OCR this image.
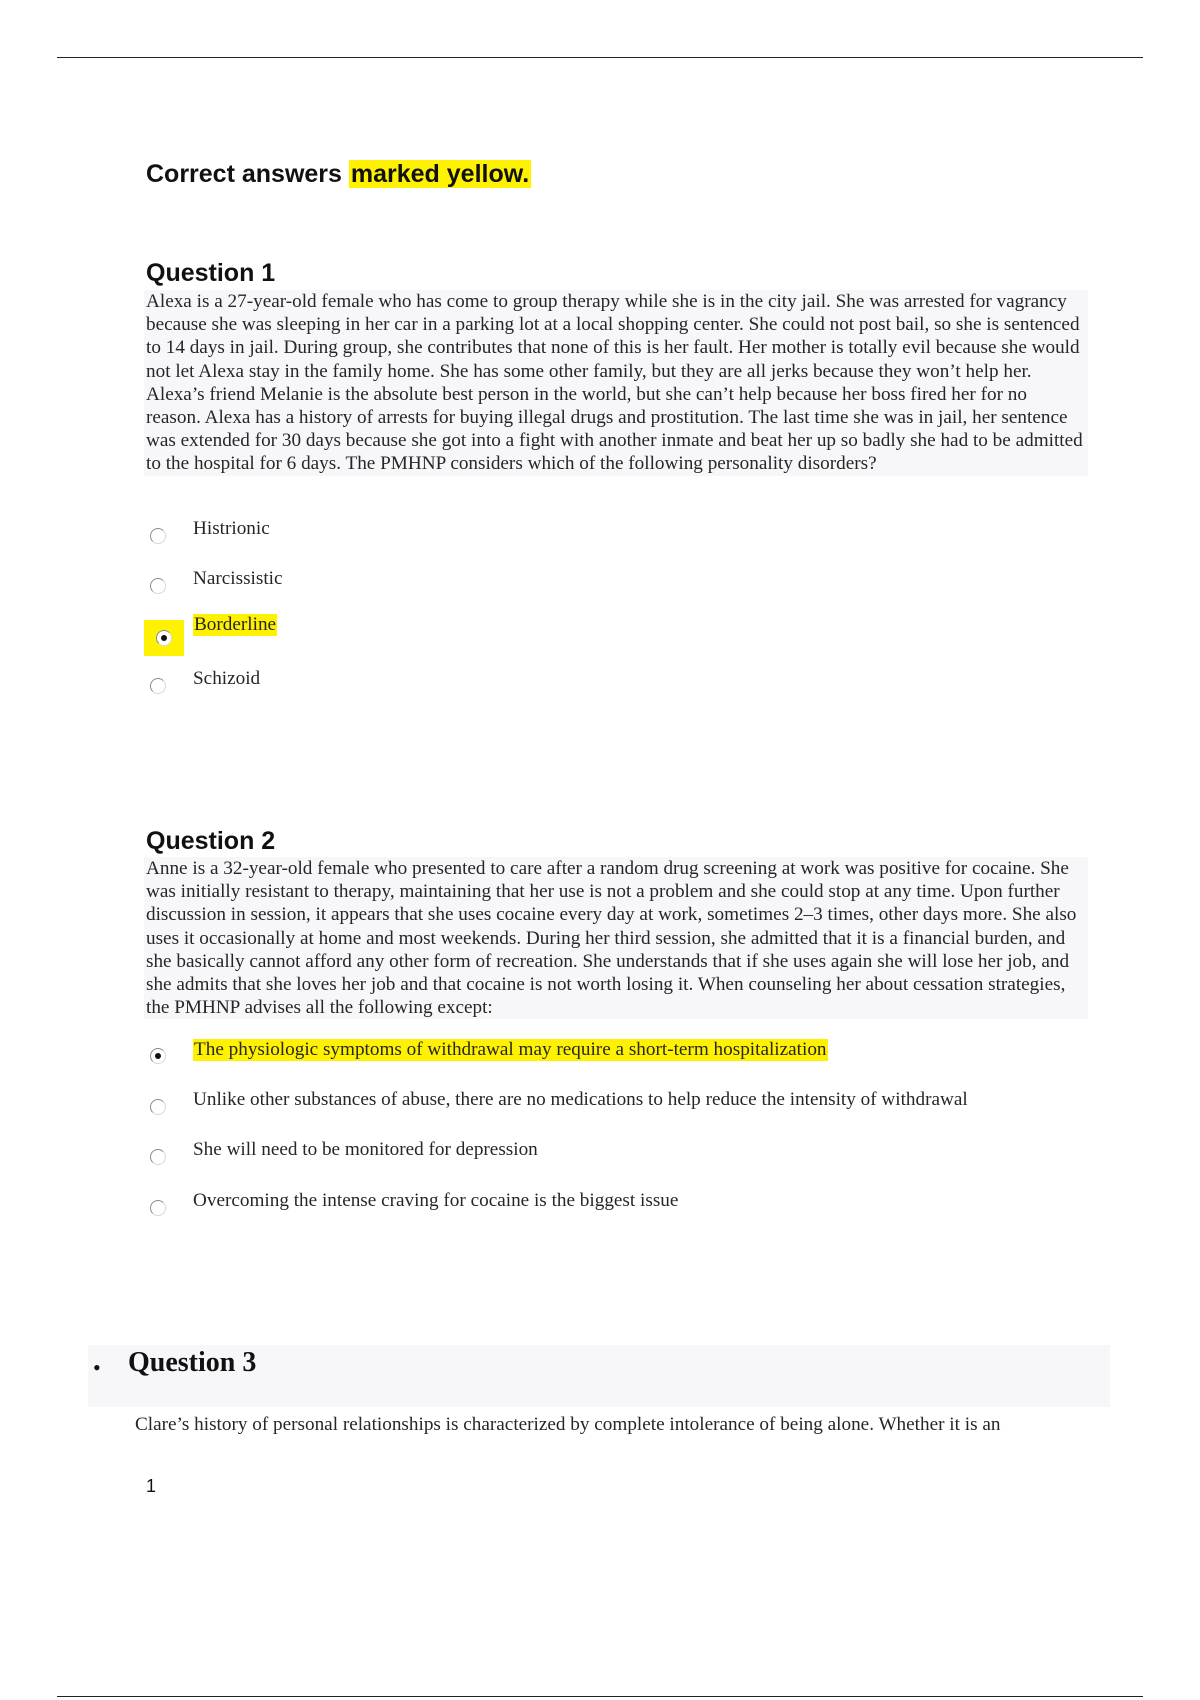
Correct answers marked yellow.
Question 1
Alexa is a 27-year-old female who has come to group therapy while she is in the city jail. She was arrested for vagrancy because she was sleeping in her car in a parking lot at a local shopping center. She could not post bail, so she is sentenced to 14 days in jail. During group, she contributes that none of this is her fault. Her mother is totally evil because she would not let Alexa stay in the family home. She has some other family, but they are all jerks because they won’t help her. Alexa’s friend Melanie is the absolute best person in the world, but she can’t help because her boss fired her for no reason. Alexa has a history of arrests for buying illegal drugs and prostitution. The last time she was in jail, her sentence was extended for 30 days because she got into a fight with another inmate and beat her up so badly she had to be admitted to the hospital for 6 days. The PMHNP considers which of the following personality disorders?
Histrionic
Narcissistic
Borderline
Schizoid
Question 2
Anne is a 32-year-old female who presented to care after a random drug screening at work was positive for cocaine. She was initially resistant to therapy, maintaining that her use is not a problem and she could stop at any time. Upon further discussion in session, it appears that she uses cocaine every day at work, sometimes 2–3 times, other days more. She also uses it occasionally at home and most weekends. During her third session, she admitted that it is a financial burden, and she basically cannot afford any other form of recreation. She understands that if she uses again she will lose her job, and she admits that she loves her job and that cocaine is not worth losing it. When counseling her about cessation strategies, the PMHNP advises all the following except:
The physiologic symptoms of withdrawal may require a short-term hospitalization
Unlike other substances of abuse, there are no medications to help reduce the intensity of withdrawal
She will need to be monitored for depression
Overcoming the intense craving for cocaine is the biggest issue
• Question 3
Clare’s history of personal relationships is characterized by complete intolerance of being alone. Whether it is an
1
